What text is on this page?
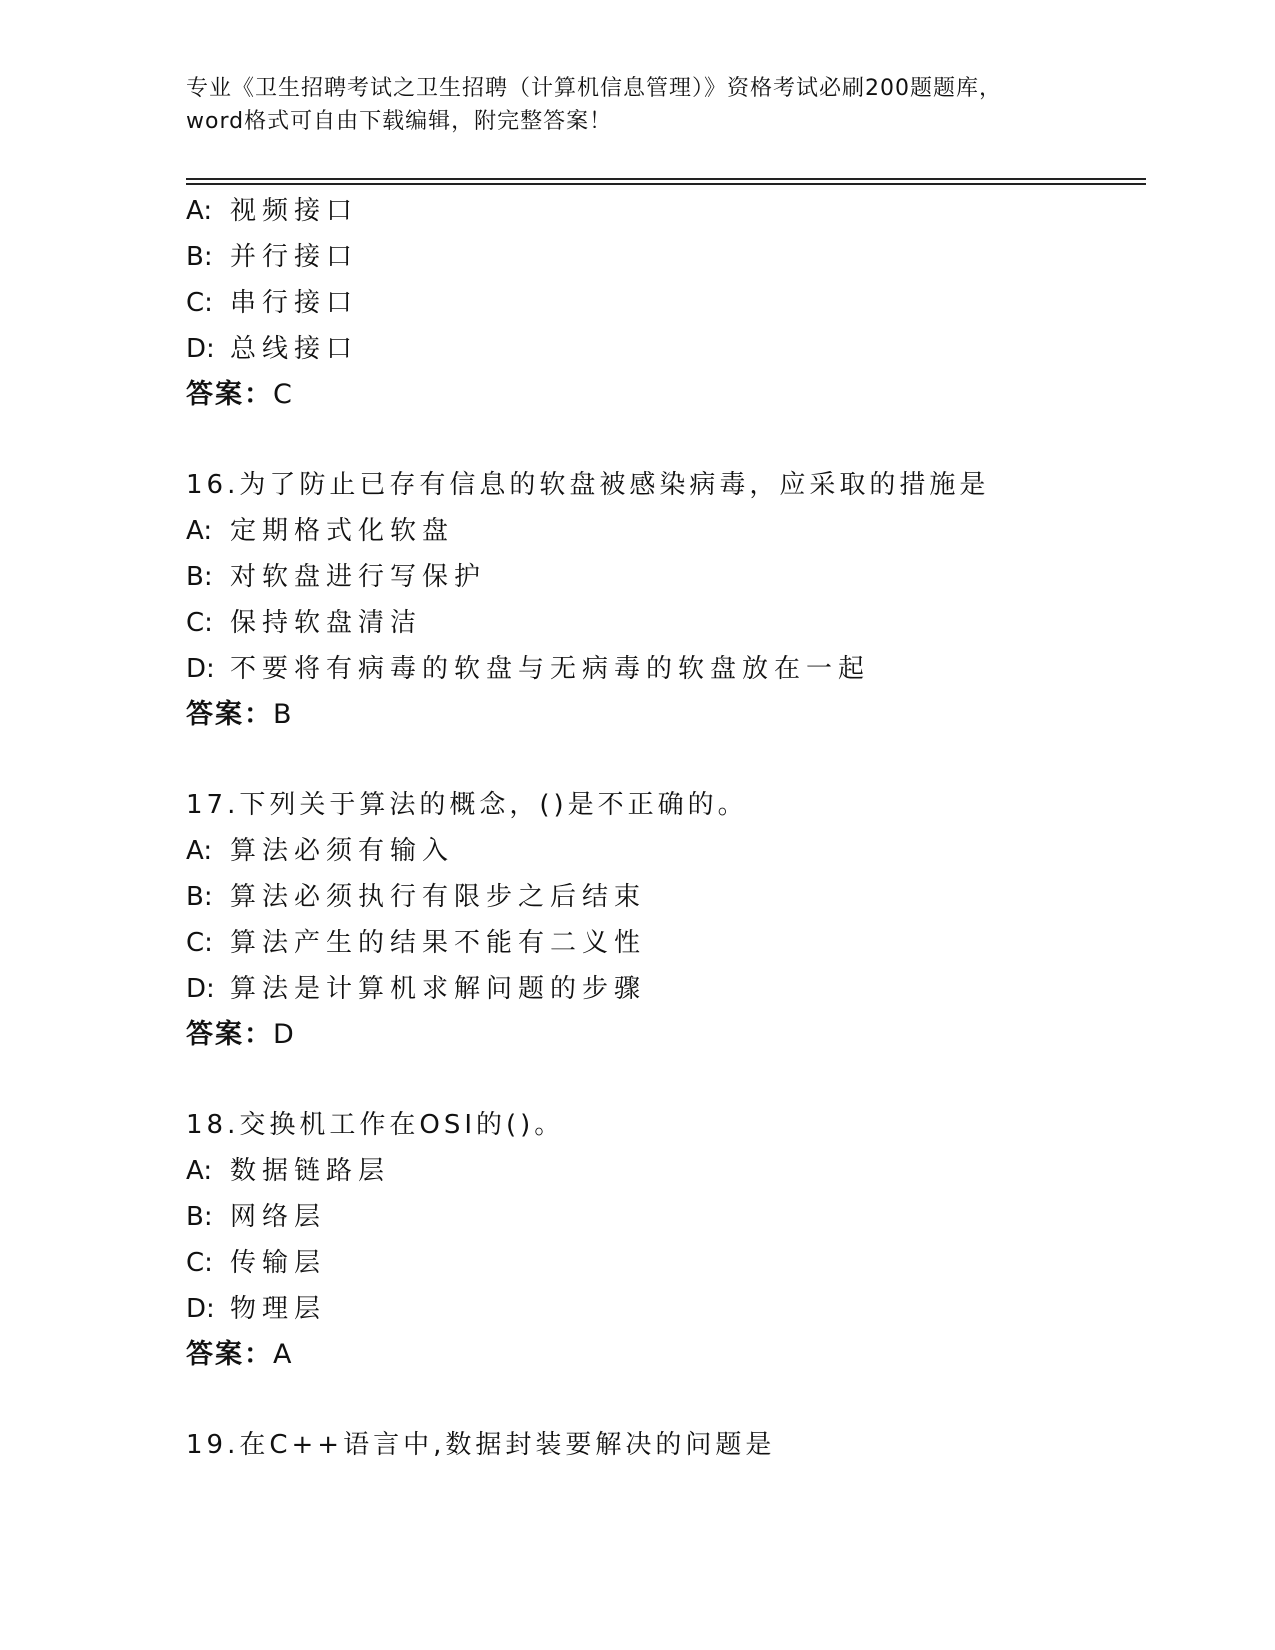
专业《卫生招聘考试之卫生招聘（计算机信息管理）》资格考试必刷200题题库，
word格式可自由下载编辑，附完整答案！
A: 视频接口
B: 并行接口
C: 串行接口
D: 总线接口
答案：C
16.为了防止已存有信息的软盘被感染病毒，应采取的措施是
A: 定期格式化软盘
B: 对软盘进行写保护
C: 保持软盘清洁
D: 不要将有病毒的软盘与无病毒的软盘放在一起
答案：B
17.下列关于算法的概念，()是不正确的。
A: 算法必须有输入
B: 算法必须执行有限步之后结束
C: 算法产生的结果不能有二义性
D: 算法是计算机求解问题的步骤
答案：D
18.交换机工作在OSI的()。
A: 数据链路层
B: 网络层
C: 传输层
D: 物理层
答案：A
19.在C++语言中,数据封装要解决的问题是
